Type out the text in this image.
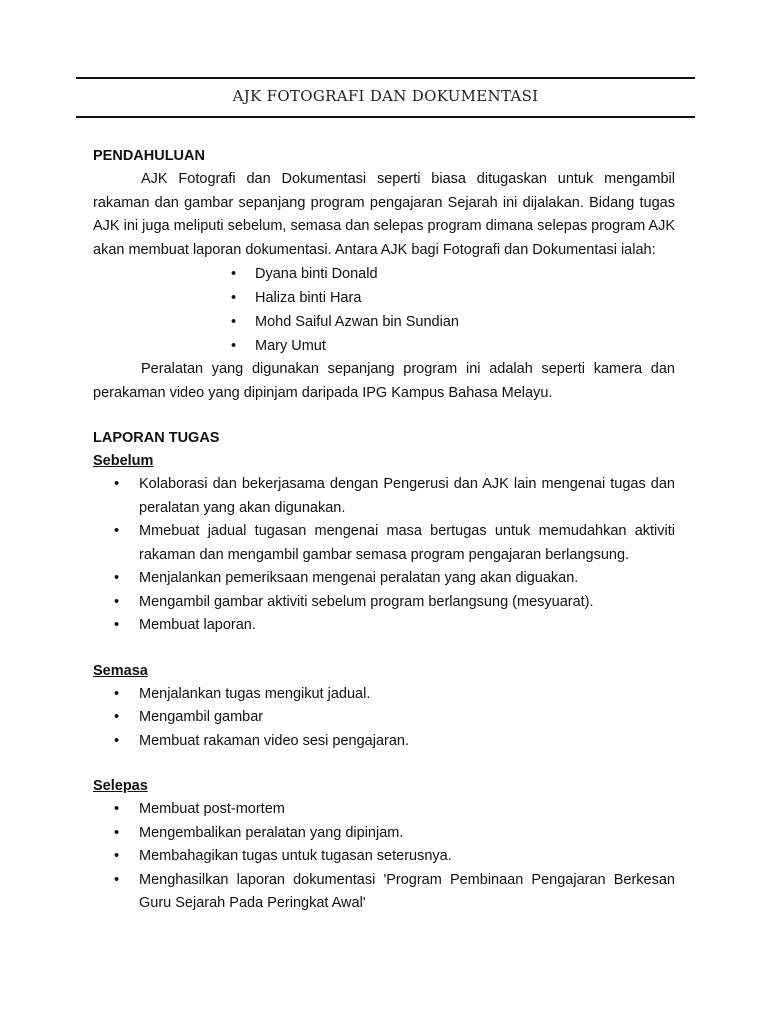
AJK FOTOGRAFI DAN DOKUMENTASI

PENDAHULUAN

AJK Fotografi dan Dokumentasi seperti biasa ditugaskan untuk mengambil rakaman dan gambar sepanjang program pengajaran Sejarah ini dijalakan. Bidang tugas AJK ini juga meliputi sebelum, semasa dan selepas program dimana selepas program AJK akan membuat laporan dokumentasi. Antara AJK bagi Fotografi dan Dokumentasi ialah:

•	Dyana binti Donald
•	Haliza binti Hara
•	Mohd Saiful Azwan bin Sundian
•	Mary Umut

Peralatan yang digunakan sepanjang program ini adalah seperti kamera dan perakaman video yang dipinjam daripada IPG Kampus Bahasa Melayu.

LAPORAN TUGAS

Sebelum

•	Kolaborasi dan bekerjasama dengan Pengerusi dan AJK lain mengenai tugas dan peralatan yang akan digunakan.
•	Mmebuat jadual tugasan mengenai masa bertugas untuk memudahkan aktiviti rakaman dan mengambil gambar semasa program pengajaran berlangsung.
•	Menjalankan pemeriksaan mengenai peralatan yang akan diguakan.
•	Mengambil gambar aktiviti sebelum program berlangsung (mesyuarat).
•	Membuat laporan.

Semasa

•	Menjalankan tugas mengikut jadual.
•	Mengambil gambar
•	Membuat rakaman video sesi pengajaran.

Selepas

•	Membuat post-mortem
•	Mengembalikan peralatan yang dipinjam.
•	Membahagikan tugas untuk tugasan seterusnya.
•	Menghasilkan laporan dokumentasi 'Program Pembinaan Pengajaran Berkesan Guru Sejarah Pada Peringkat Awal'
